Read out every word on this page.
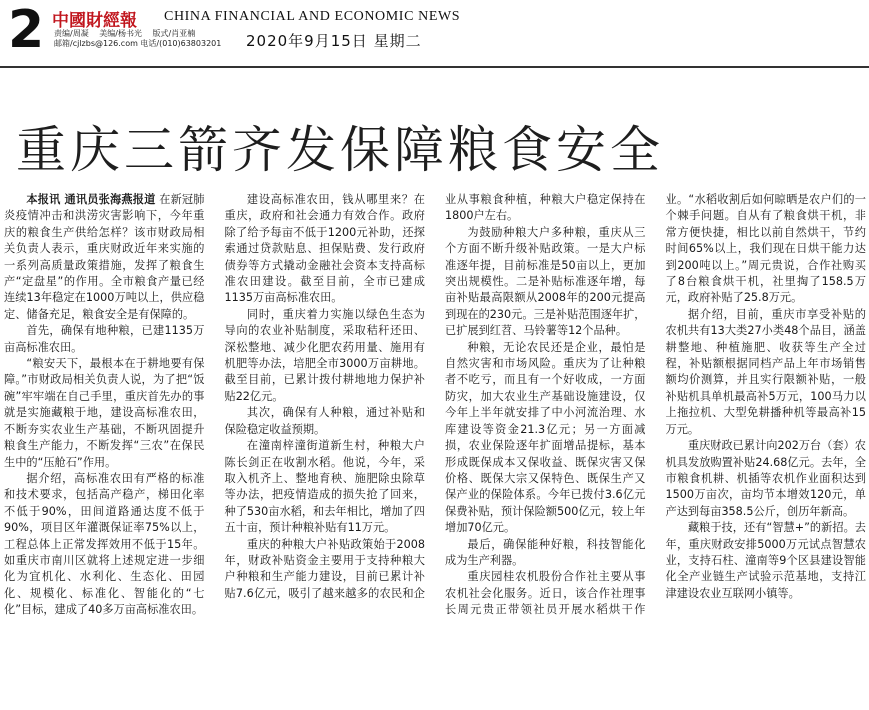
2 中國財經報 CHINA FINANCIAL AND ECONOMIC NEWS
责编/周凝 美编/杨书光 版式/肖亚楠
邮箱/cjlzbs@126.com 电话/(010)63803201 2020年9月15日 星期二
重庆三箭齐发保障粮食安全

本报讯 通讯员张海燕报道 在新冠肺炎疫情冲击和洪涝灾害影响下，今年重庆的粮食生产供给怎样？该市财政局相关负责人表示，重庆财政近年来实施的一系列高质量政策措施，发挥了粮食生产“定盘星”的作用。全市粮食产量已经连续13年稳定在1000万吨以上，供应稳定、储备充足，粮食安全是有保障的。

首先，确保有地种粮，已建1135万亩高标准农田。

“粮安天下，最根本在于耕地要有保障。”市财政局相关负责人说，为了把“饭碗”牢牢端在自己手里，重庆首先办的事就是实施藏粮于地，建设高标准农田，不断夯实农业生产基础，不断巩固提升粮食生产能力，不断发挥“三农”在保民生中的“压舱石”作用。

据介绍，高标准农田有严格的标准和技术要求，包括高产稳产，梯田化率不低于90%，田间道路通达度不低于90%，项目区年灌溉保证率75%以上，工程总体上正常发挥效用不低于15年。如重庆市南川区就将上述规定进一步细化为宜机化、水利化、生态化、田园化、规模化、标准化、智能化的“七化”目标，建成了40多万亩高标准农田。

建设高标准农田，钱从哪里来？在重庆，政府和社会通力有效合作。政府除了给予每亩不低于1200元补助，还探索通过贷款贴息、担保贴费、发行政府债券等方式撬动金融社会资本支持高标准农田建设。截至目前，全市已建成1135万亩高标准农田。

同时，重庆着力实施以绿色生态为导向的农业补贴制度，采取秸秆还田、深松整地、减少化肥农药用量、施用有机肥等办法，培肥全市3000万亩耕地。截至目前，已累计拨付耕地地力保护补贴22亿元。

其次，确保有人种粮，通过补贴和保险稳定收益预期。

在潼南梓潼街道新生村，种粮大户陈长剑正在收割水稻。他说，今年，采取入机齐上、整地育秧、施肥除虫除草等办法，把疫情造成的损失抢了回来，种了530亩水稻，和去年相比，增加了四五十亩，预计种粮补贴有11万元。

重庆的种粮大户补贴政策始于2008年，财政补贴资金主要用于支持种粮大户种粮和生产能力建设，目前已累计补贴7.6亿元，吸引了越来越多的农民和企业从事粮食种植，种粮大户稳定保持在1800户左右。

为鼓励种粮大户多种粮，重庆从三个方面不断升级补贴政策。一是大户标准逐年提，目前标准是50亩以上，更加突出规模性。二是补贴标准逐年增，每亩补贴最高限额从2008年的200元提高到现在的230元。三是补贴范围逐年扩，已扩展到红苕、马铃薯等12个品种。

种粮，无论农民还是企业，最怕是自然灾害和市场风险。重庆为了让种粮者不吃亏，而且有一个好收成，一方面防灾，加大农业生产基础设施建设，仅今年上半年就安排了中小河流治理、水库建设等资金21.3亿元；另一方面减损，农业保险逐年扩面增品提标，基本形成既保成本又保收益、既保灾害又保价格、既保大宗又保特色、既保生产又保产业的保险体系。今年已拨付3.6亿元保费补贴，预计保险额500亿元，较上年增加70亿元。

最后，确保能种好粮，科技智能化成为生产利器。

重庆园桂农机股份合作社主要从事农机社会化服务。近日，该合作社理事长周元贵正带领社员开展水稻烘干作业。“水稻收割后如何晾晒是农户们的一个棘手问题。自从有了粮食烘干机，非常方便快捷，相比以前自然烘干，节约时间65%以上，我们现在日烘干能力达到200吨以上。”周元贵说，合作社购买了8台粮食烘干机，社里掏了158.5万元，政府补贴了25.8万元。

据介绍，目前，重庆市享受补贴的农机共有13大类27小类48个品目，涵盖耕整地、种植施肥、收获等生产全过程，补贴额根据同档产品上年市场销售额均价测算，并且实行限额补贴，一般补贴机具单机最高补5万元，100马力以上拖拉机、大型免耕播种机等最高补15万元。

重庆财政已累计向202万台（套）农机具发放购置补贴24.68亿元。去年，全市粮食机耕、机插等农机作业面积达到1500万亩次，亩均节本增效120元，单产达到每亩358.5公斤，创历年新高。

藏粮于技，还有“智慧+”的新招。去年，重庆财政安排5000万元试点智慧农业，支持石柱、潼南等9个区县建设智能化全产业链生产试验示范基地，支持江津建设农业互联网小镇等。
